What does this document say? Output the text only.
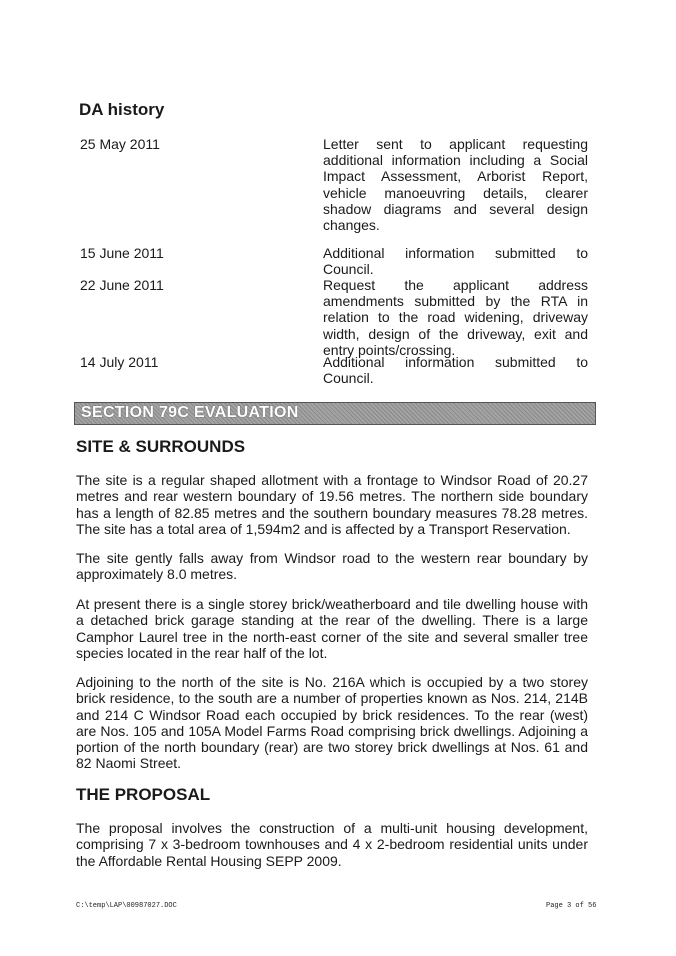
DA history
25 May 2011	Letter sent to applicant requesting additional information including a Social Impact Assessment, Arborist Report, vehicle manoeuvring details, clearer shadow diagrams and several design changes.
15 June 2011	Additional information submitted to Council.
22 June 2011	Request the applicant address amendments submitted by the RTA in relation to the road widening, driveway width, design of the driveway, exit and entry points/crossing.
14 July 2011	Additional information submitted to Council.
SECTION 79C EVALUATION
SITE & SURROUNDS
The site is a regular shaped allotment with a frontage to Windsor Road of 20.27 metres and rear western boundary of 19.56 metres. The northern side boundary has a length of 82.85 metres and the southern boundary measures 78.28 metres. The site has a total area of 1,594m2 and is affected by a Transport Reservation.
The site gently falls away from Windsor road to the western rear boundary by approximately 8.0 metres.
At present there is a single storey brick/weatherboard and tile dwelling house with a detached brick garage standing at the rear of the dwelling. There is a large Camphor Laurel tree in the north-east corner of the site and several smaller tree species located in the rear half of the lot.
Adjoining to the north of the site is No. 216A which is occupied by a two storey brick residence, to the south are a number of properties known as Nos. 214, 214B and 214 C Windsor Road each occupied by brick residences. To the rear (west) are Nos. 105 and 105A Model Farms Road comprising brick dwellings. Adjoining a portion of the north boundary (rear) are two storey brick dwellings at Nos. 61 and 82 Naomi Street.
THE PROPOSAL
The proposal involves the construction of a multi-unit housing development, comprising 7 x 3-bedroom townhouses and 4 x 2-bedroom residential units under the Affordable Rental Housing SEPP 2009.
C:\temp\LAP\00987027.DOC	Page 3 of 56
